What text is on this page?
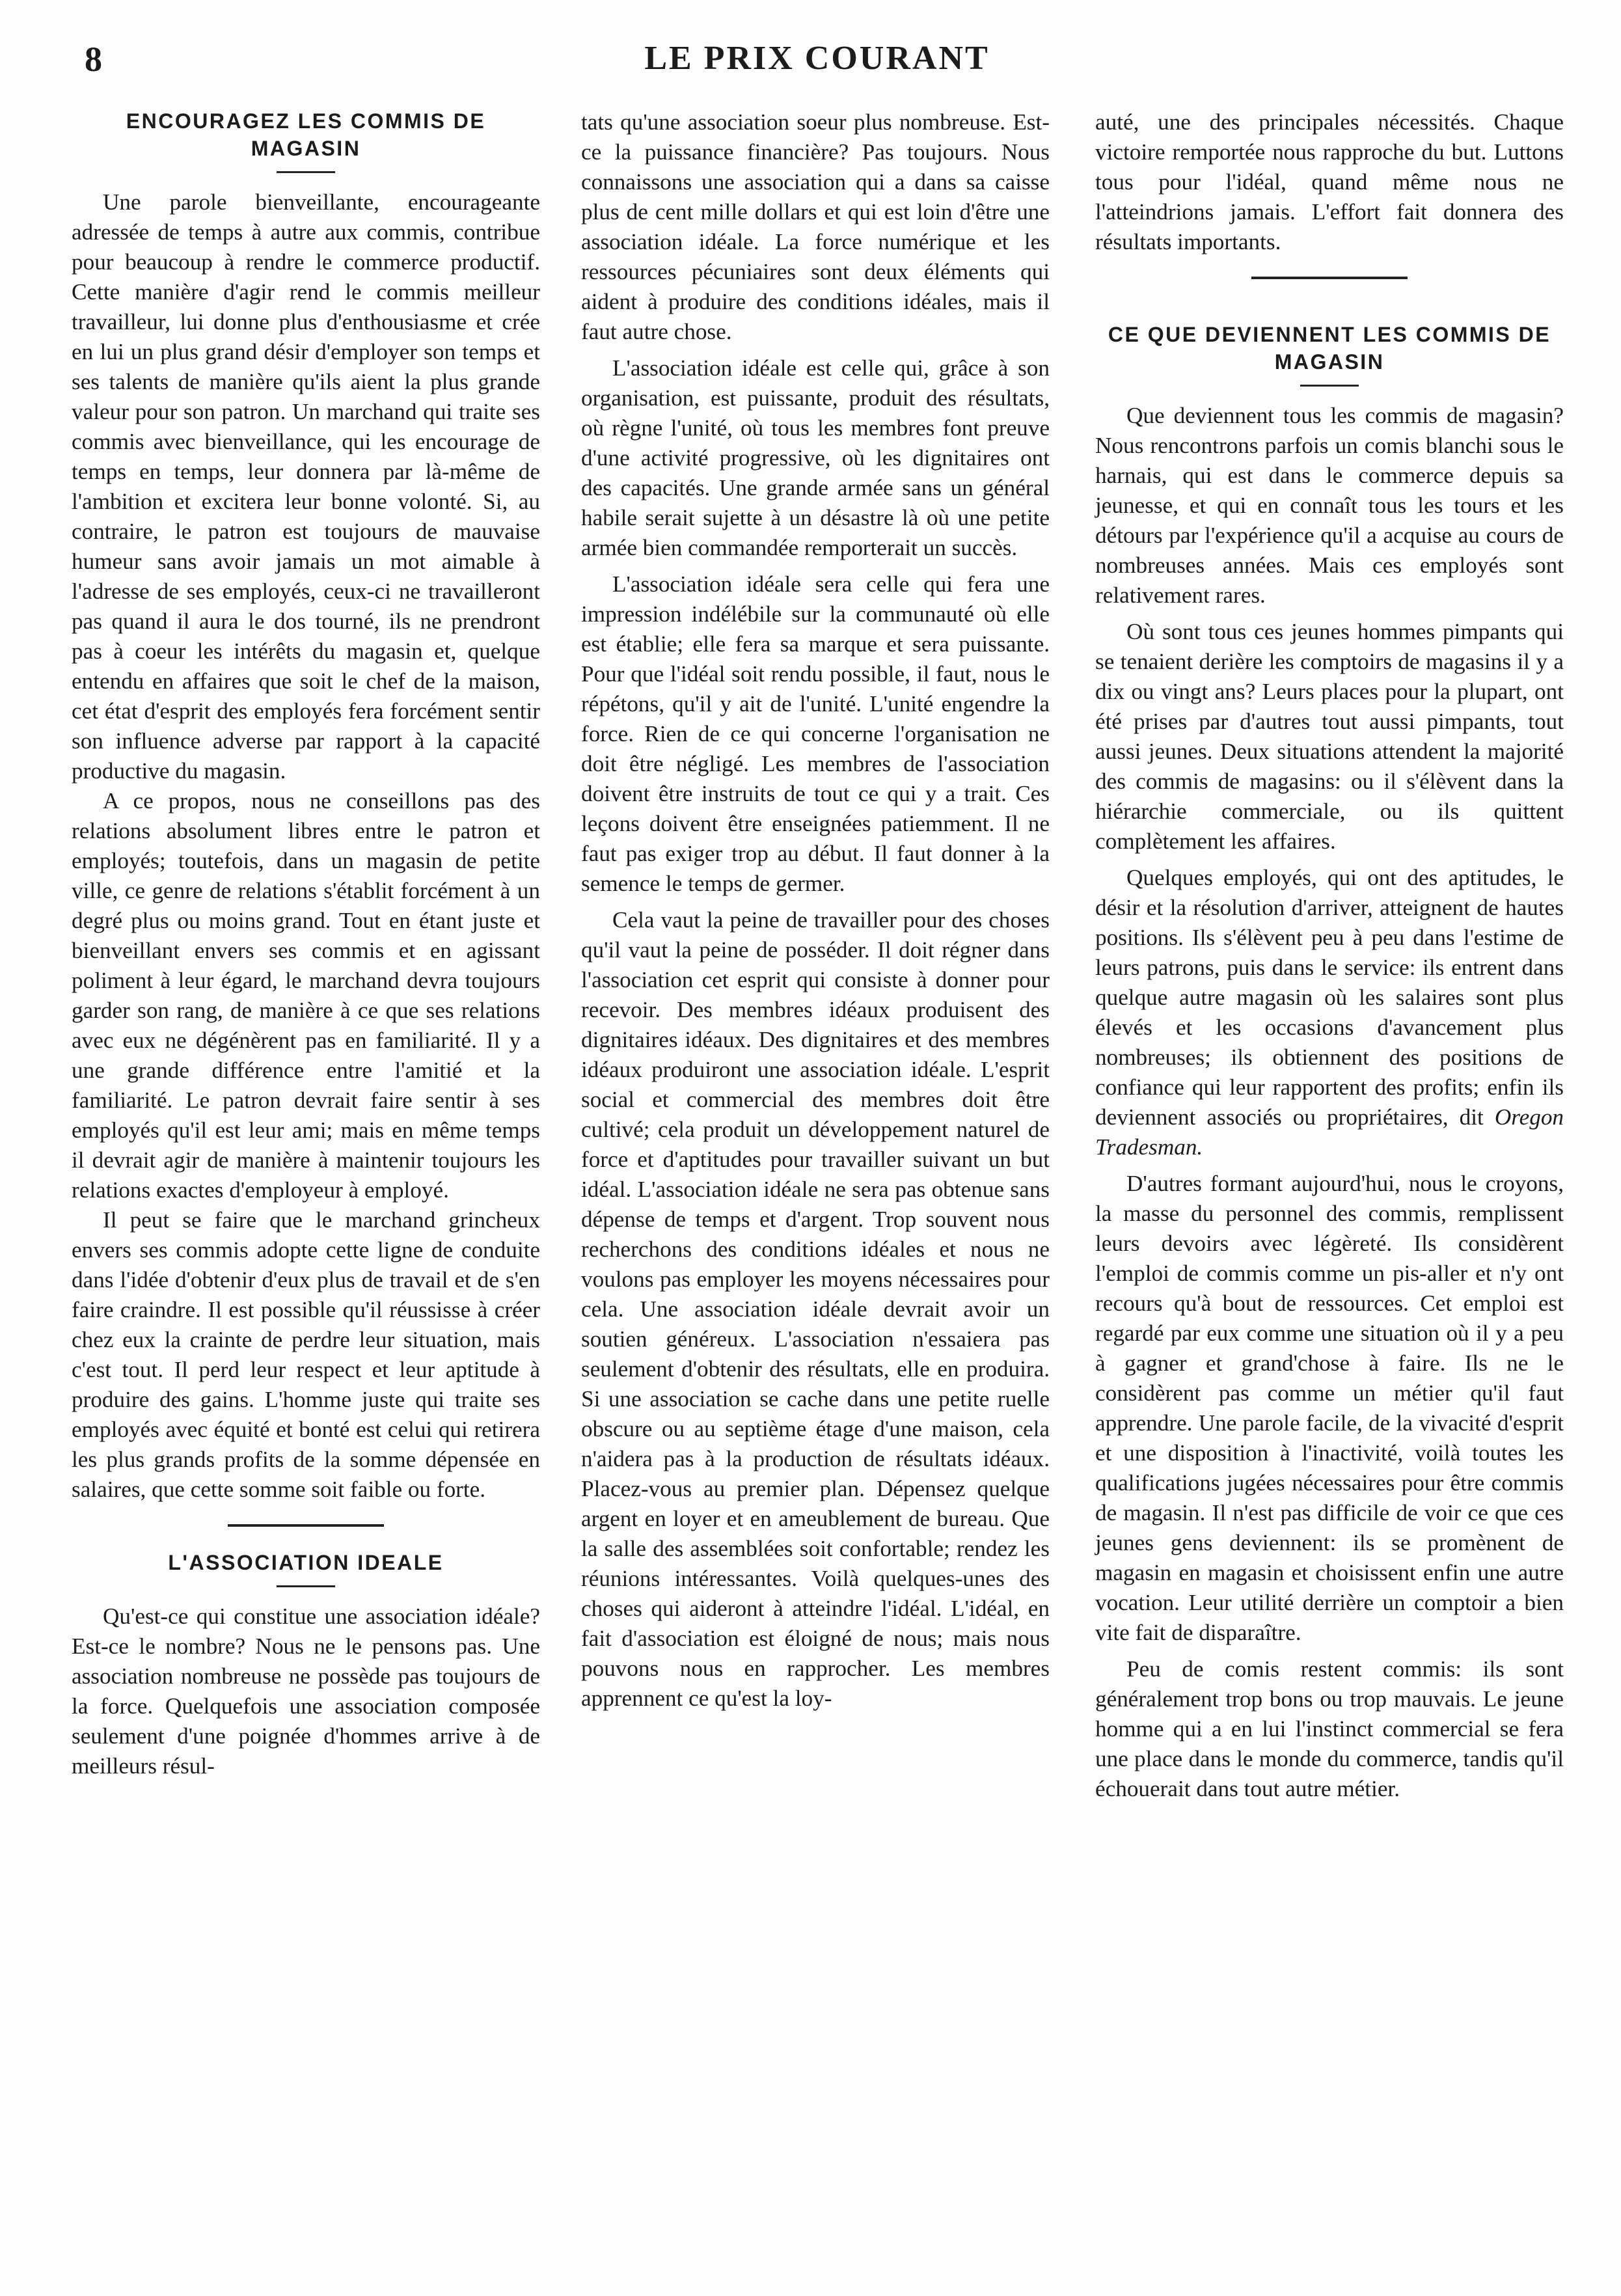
8	LE PRIX COURANT
ENCOURAGEZ LES COMMIS DE MAGASIN

Une parole bienveillante, encourageante adressée de temps à autre aux commis, contribue pour beaucoup à rendre le commerce productif. Cette manière d'agir rend le commis meilleur travailleur, lui donne plus d'enthousiasme et crée en lui un plus grand désir d'employer son temps et ses talents de manière qu'ils aient la plus grande valeur pour son patron. Un marchand qui traite ses commis avec bienveillance, qui les encourage de temps en temps, leur donnera par là-même de l'ambition et excitera leur bonne volonté. Si, au contraire, le patron est toujours de mauvaise humeur sans avoir jamais un mot aimable à l'adresse de ses employés, ceux-ci ne travailleront pas quand il aura le dos tourné, ils ne prendront pas à coeur les intérêts du magasin et, quelque entendu en affaires que soit le chef de la maison, cet état d'esprit des employés fera forcément sentir son influence adverse par rapport à la capacité productive du magasin.

A ce propos, nous ne conseillons pas des relations absolument libres entre le patron et employés; toutefois, dans un magasin de petite ville, ce genre de relations s'établit forcément à un degré plus ou moins grand. Tout en étant juste et bienveillant envers ses commis et en agissant poliment à leur égard, le marchand devra toujours garder son rang, de manière à ce que ses relations avec eux ne dégénèrent pas en familiarité. Il y a une grande différence entre l'amitié et la familiarité. Le patron devrait faire sentir à ses employés qu'il est leur ami; mais en même temps il devrait agir de manière à maintenir toujours les relations exactes d'employeur à employé.

Il peut se faire que le marchand grincheux envers ses commis adopte cette ligne de conduite dans l'idée d'obtenir d'eux plus de travail et de s'en faire craindre. Il est possible qu'il réussisse à créer chez eux la crainte de perdre leur situation, mais c'est tout. Il perd leur respect et leur aptitude à produire des gains. L'homme juste qui traite ses employés avec équité et bonté est celui qui retirera les plus grands profits de la somme dépensée en salaires, que cette somme soit faible ou forte.

L'ASSOCIATION IDEALE

Qu'est-ce qui constitue une association idéale? Est-ce le nombre? Nous ne le pensons pas. Une association nombreuse ne possède pas toujours de la force. Quelquefois une association composée seulement d'une poignée d'hommes arrive à de meilleurs résul-

tats qu'une association soeur plus nombreuse. Est-ce la puissance financière? Pas toujours. Nous connaissons une association qui a dans sa caisse plus de cent mille dollars et qui est loin d'être une association idéale. La force numérique et les ressources pécuniaires sont deux éléments qui aident à produire des conditions idéales, mais il faut autre chose.

L'association idéale est celle qui, grâce à son organisation, est puissante, produit des résultats, où règne l'unité, où tous les membres font preuve d'une activité progressive, où les dignitaires ont des capacités. Une grande armée sans un général habile serait sujette à un désastre là où une petite armée bien commandée remporterait un succès.

L'association idéale sera celle qui fera une impression indélébile sur la communauté où elle est établie; elle fera sa marque et sera puissante. Pour que l'idéal soit rendu possible, il faut, nous le répétons, qu'il y ait de l'unité. L'unité engendre la force. Rien de ce qui concerne l'organisation ne doit être négligé. Les membres de l'association doivent être instruits de tout ce qui y a trait. Ces leçons doivent être enseignées patiemment. Il ne faut pas exiger trop au début. Il faut donner à la semence le temps de germer.

Cela vaut la peine de travailler pour des choses qu'il vaut la peine de posséder. Il doit régner dans l'association cet esprit qui consiste à donner pour recevoir. Des membres idéaux produisent des dignitaires idéaux. Des dignitaires et des membres idéaux produiront une association idéale. L'esprit social et commercial des membres doit être cultivé; cela produit un développement naturel de force et d'aptitudes pour travailler suivant un but idéal. L'association idéale ne sera pas obtenue sans dépense de temps et d'argent. Trop souvent nous recherchons des conditions idéales et nous ne voulons pas employer les moyens nécessaires pour cela. Une association idéale devrait avoir un soutien généreux. L'association n'essaiera pas seulement d'obtenir des résultats, elle en produira. Si une association se cache dans une petite ruelle obscure ou au septième étage d'une maison, cela n'aidera pas à la production de résultats idéaux. Placez-vous au premier plan. Dépensez quelque argent en loyer et en ameublement de bureau. Que la salle des assemblées soit confortable; rendez les réunions intéressantes. Voilà quelques-unes des choses qui aideront à atteindre l'idéal. L'idéal, en fait d'association est éloigné de nous; mais nous pouvons nous en rapprocher. Les membres apprennent ce qu'est la loy-

auté, une des principales nécessités. Chaque victoire remportée nous rapproche du but. Luttons tous pour l'idéal, quand même nous ne l'atteindrions jamais. L'effort fait donnera des résultats importants.

CE QUE DEVIENNENT LES COMMIS DE MAGASIN

Que deviennent tous les commis de magasin? Nous rencontrons parfois un comis blanchi sous le harnais, qui est dans le commerce depuis sa jeunesse, et qui en connaît tous les tours et les détours par l'expérience qu'il a acquise au cours de nombreuses années. Mais ces employés sont relativement rares.

Où sont tous ces jeunes hommes pimpants qui se tenaient derière les comptoirs de magasins il y a dix ou vingt ans? Leurs places pour la plupart, ont été prises par d'autres tout aussi pimpants, tout aussi jeunes. Deux situations attendent la majorité des commis de magasins: ou il s'élèvent dans la hiérarchie commerciale, ou ils quittent complètement les affaires.

Quelques employés, qui ont des aptitudes, le désir et la résolution d'arriver, atteignent de hautes positions. Ils s'élèvent peu à peu dans l'estime de leurs patrons, puis dans le service: ils entrent dans quelque autre magasin où les salaires sont plus élevés et les occasions d'avancement plus nombreuses; ils obtiennent des positions de confiance qui leur rapportent des profits; enfin ils deviennent associés ou propriétaires, dit Oregon Tradesman.

D'autres formant aujourd'hui, nous le croyons, la masse du personnel des commis, remplissent leurs devoirs avec légèreté. Ils considèrent l'emploi de commis comme un pis-aller et n'y ont recours qu'à bout de ressources. Cet emploi est regardé par eux comme une situation où il y a peu à gagner et grand'chose à faire. Ils ne le considèrent pas comme un métier qu'il faut apprendre. Une parole facile, de la vivacité d'esprit et une disposition à l'inactivité, voilà toutes les qualifications jugées nécessaires pour être commis de magasin. Il n'est pas difficile de voir ce que ces jeunes gens deviennent: ils se promènent de magasin en magasin et choisissent enfin une autre vocation. Leur utilité derrière un comptoir a bien vite fait de disparaître.

Peu de comis restent commis: ils sont généralement trop bons ou trop mauvais. Le jeune homme qui a en lui l'instinct commercial se fera une place dans le monde du commerce, tandis qu'il échouerait dans tout autre métier.
